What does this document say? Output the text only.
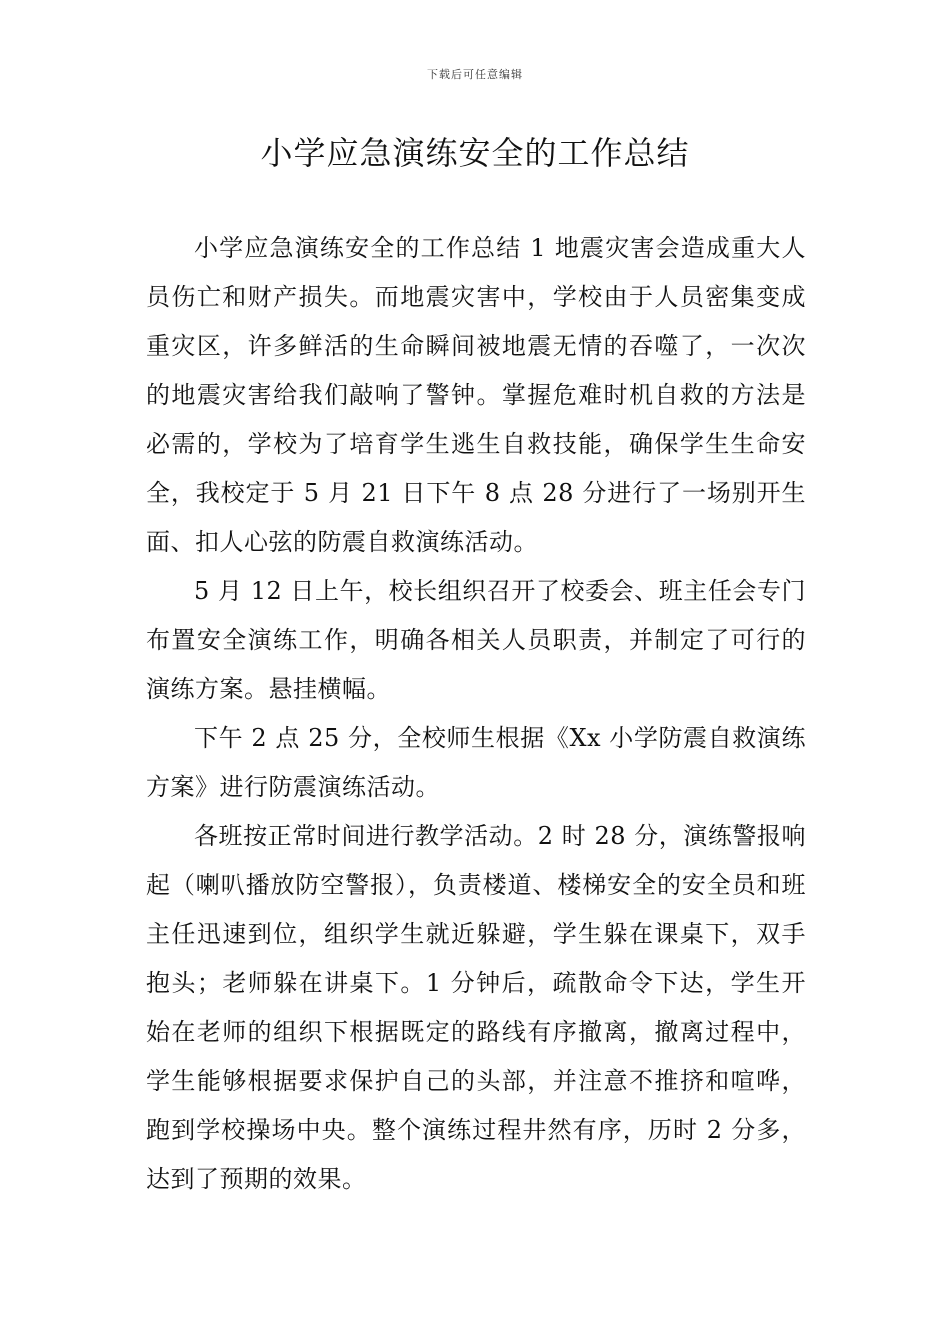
下载后可任意编辑
小学应急演练安全的工作总结

小学应急演练安全的工作总结 1 地震灾害会造成重大人员伤亡和财产损失。而地震灾害中，学校由于人员密集变成重灾区，许多鲜活的生命瞬间被地震无情的吞噬了，一次次的地震灾害给我们敲响了警钟。掌握危难时机自救的方法是必需的，学校为了培育学生逃生自救技能，确保学生生命安全，我校定于 5 月 21 日下午 8 点 28 分进行了一场别开生面、扣人心弦的防震自救演练活动。

5 月 12 日上午，校长组织召开了校委会、班主任会专门布置安全演练工作，明确各相关人员职责，并制定了可行的演练方案。悬挂横幅。

下午 2 点 25 分，全校师生根据《Xx 小学防震自救演练方案》进行防震演练活动。

各班按正常时间进行教学活动。2 时 28 分，演练警报响起（喇叭播放防空警报），负责楼道、楼梯安全的安全员和班主任迅速到位，组织学生就近躲避，学生躲在课桌下，双手抱头；老师躲在讲桌下。1 分钟后，疏散命令下达，学生开始在老师的组织下根据既定的路线有序撤离，撤离过程中，学生能够根据要求保护自己的头部，并注意不推挤和喧哗，跑到学校操场中央。整个演练过程井然有序，历时 2 分多，达到了预期的效果。
